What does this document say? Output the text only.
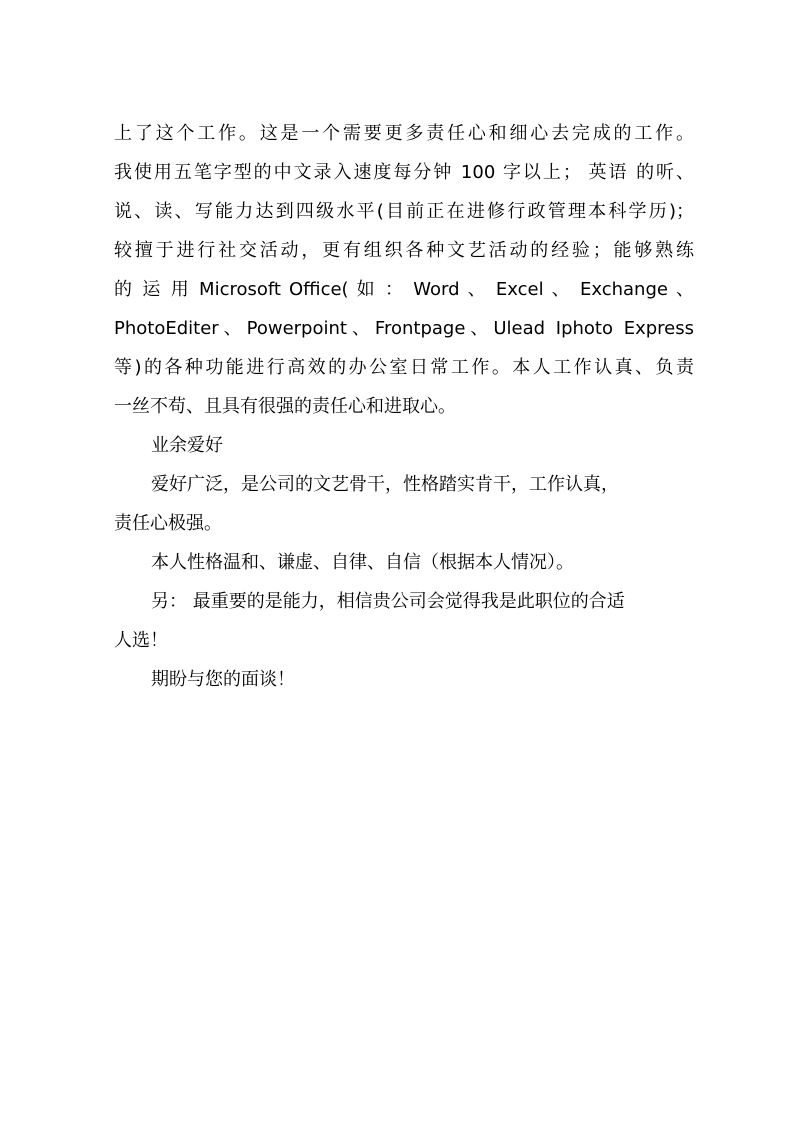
上了这个工作。这是一个需要更多责任心和细心去完成的工作。
我使用五笔字型的中文录入速度每分钟 100 字以上； 英语 的听、
说、读、写能力达到四级水平(目前正在进修行政管理本科学历)；
较擅于进行社交活动，更有组织各种文艺活动的经验；能够熟练
的 运 用 Microsoft Office( 如 ： Word 、 Excel 、 Exchange 、
PhotoEditer、Powerpoint、Frontpage、Ulead Iphoto Express
等)的各种功能进行高效的办公室日常工作。本人工作认真、负责
一丝不苟、且具有很强的责任心和进取心。
业余爱好
爱好广泛，是公司的文艺骨干，性格踏实肯干，工作认真，
责任心极强。
本人性格温和、谦虚、自律、自信（根据本人情况）。
另： 最重要的是能力，相信贵公司会觉得我是此职位的合适
人选！
期盼与您的面谈！
